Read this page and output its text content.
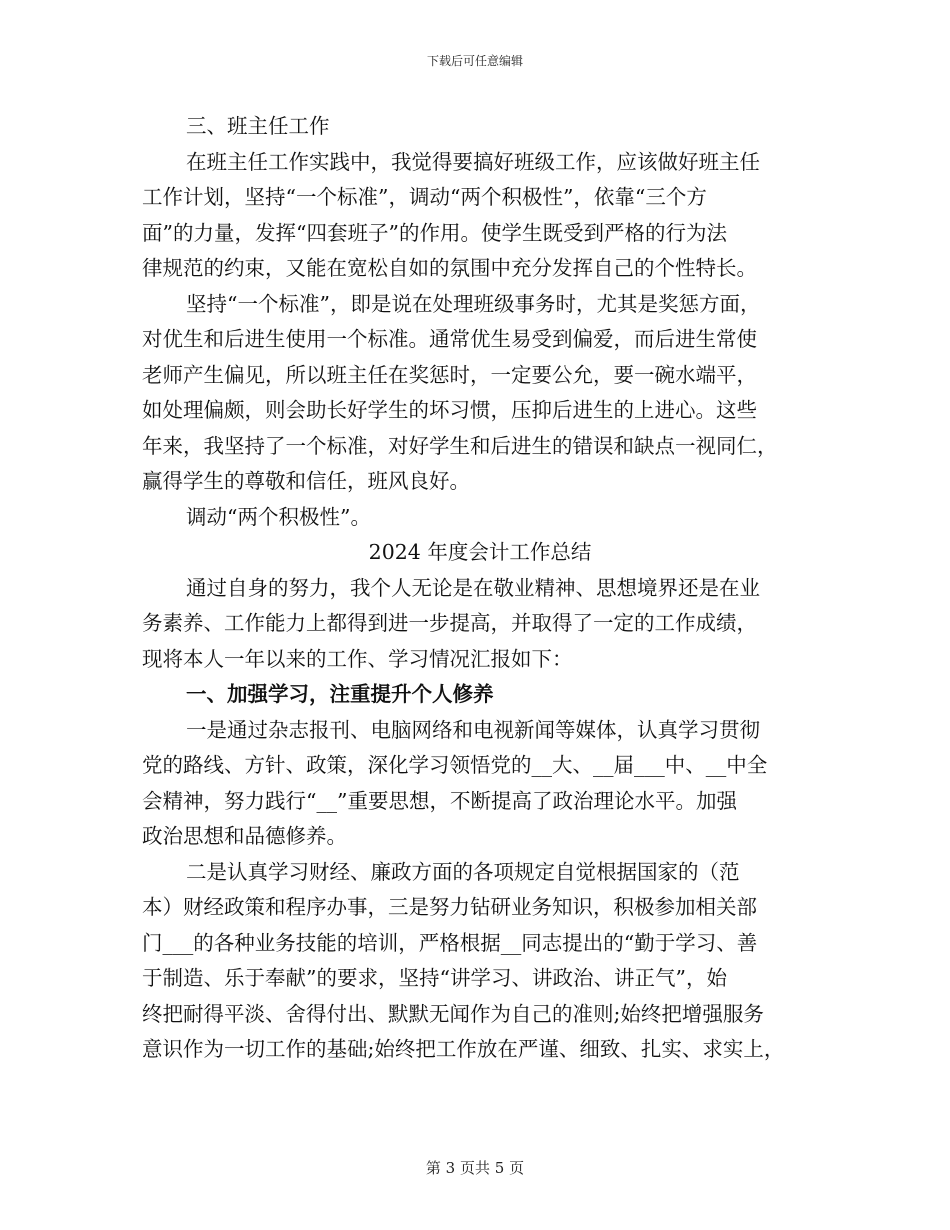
下载后可任意编辑
三、班主任工作
在班主任工作实践中，我觉得要搞好班级工作，应该做好班主任
工作计划，坚持“一个标准”，调动“两个积极性”，依靠“三个方
面”的力量，发挥“四套班子”的作用。使学生既受到严格的行为法
律规范的约束，又能在宽松自如的氛围中充分发挥自己的个性特长。
坚持“一个标准”，即是说在处理班级事务时，尤其是奖惩方面，
对优生和后进生使用一个标准。通常优生易受到偏爱，而后进生常使
老师产生偏见，所以班主任在奖惩时，一定要公允，要一碗水端平，
如处理偏颇，则会助长好学生的坏习惯，压抑后进生的上进心。这些
年来，我坚持了一个标准，对好学生和后进生的错误和缺点一视同仁，
赢得学生的尊敬和信任，班风良好。
调动“两个积极性”。
2024 年度会计工作总结
通过自身的努力，我个人无论是在敬业精神、思想境界还是在业
务素养、工作能力上都得到进一步提高，并取得了一定的工作成绩，
现将本人一年以来的工作、学习情况汇报如下：
一、加强学习，注重提升个人修养
一是通过杂志报刊、电脑网络和电视新闻等媒体，认真学习贯彻
党的路线、方针、政策，深化学习领悟党的__大、__届___中、__中全
会精神，努力践行“__”重要思想，不断提高了政治理论水平。加强
政治思想和品德修养。
二是认真学习财经、廉政方面的各项规定自觉根据国家的（范
本）财经政策和程序办事，三是努力钻研业务知识，积极参加相关部
门___的各种业务技能的培训，严格根据__同志提出的“勤于学习、善
于制造、乐于奉献”的要求，坚持“讲学习、讲政治、讲正气”，始
终把耐得平淡、舍得付出、默默无闻作为自己的准则;始终把增强服务
意识作为一切工作的基础;始终把工作放在严谨、细致、扎实、求实上，
第 3 页共 5 页
